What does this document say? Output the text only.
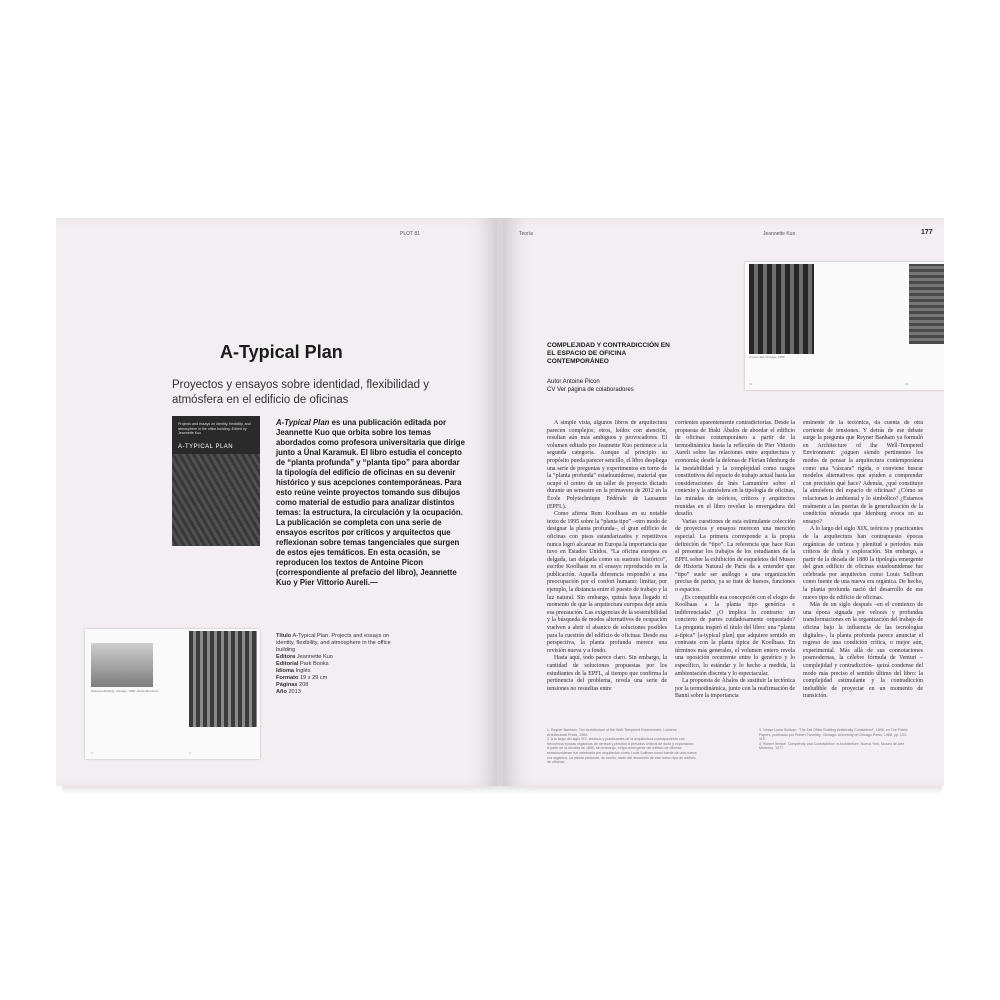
PLOT 81
A-Typical Plan
Proyectos y ensayos sobre identidad, flexibilidad y atmósfera en el edificio de oficinas
Projects and essays on identity, flexibility, and atmosphere in the office building. Edited by Jeannette Kuo
A-TYPICAL PLAN
A-Typical Plan es una publicación editada por Jeannette Kuo que orbita sobre los temas abordados como profesora universitaria que dirige junto a Ünal Karamuk. El libro estudia el concepto de “planta profunda” y “planta tipo” para abordar la tipología del edificio de oficinas en su devenir histórico y sus acepciones contemporáneas. Para esto reúne veinte proyectos tomando sus dibujos como material de estudio para analizar distintos temas: la estructura, la circulación y la ocupación. La publicación se completa con una serie de ensayos escritos por críticos y arquitectos que reflexionan sobre temas tangenciales que surgen de estos ejes temáticos. En esta ocasión, se reproducen los textos de Antoine Picon (correspondiente al prefacio del libro), Jeannette Kuo y Pier Vittorio Aureli.—
Reliance Building, Chicago, 1895. Daniel Burnham
2	3
Título A-Typical Plan. Projects and essays on identity, flexibility, and atmosphere in the office building
Editora Jeannette Kuo
Editorial Park Books
Idioma Inglés
Formato 19 x 29 cm
Páginas 208
Año 2013
Teoría	Jeannette Kuo	177
Crown Hall, Chicago, 1956
12	13
COMPLEJIDAD Y CONTRADICCIÓN EN EL ESPACIO DE OFICINA CONTEMPORÁNEO
Autor Antoine Picon
CV Ver página de colaboradores

A simple vista, algunos libros de arquitectura parecen complejos; otros, leídos con atención, resultan aún más ambiguos y provocadores. El volumen editado por Jeannette Kuo pertenece a la segunda categoría. Aunque al principio su propósito pueda parecer sencillo, el libro despliega una serie de preguntas y experimentos en torno de la “planta profunda” estadounidense, material que ocupó el centro de un taller de proyecto dictado durante un semestre en la primavera de 2012 en la École Polytechnique Fédérale de Lausanne (EPFL).

Como afirma Rem Koolhaas en su notable texto de 1995 sobre la “planta tipo” –otro modo de designar la planta profunda–, el gran edificio de oficinas con pisos estandarizados y repetitivos nunca logró alcanzar en Europa la importancia que tuvo en Estados Unidos. “La oficina europea es delgada, tan delgada como su sustrato histórico”, escribe Koolhaas en el ensayo reproducido en la publicación. Aquella diferencia respondió a una preocupación por el confort humano: limitar, por ejemplo, la distancia entre el puesto de trabajo y la luz natural. Sin embargo, quizás haya llegado el momento de que la arquitectura europea deje atrás esa precaución. Las exigencias de la sostenibilidad y la búsqueda de modos alternativos de ocupación vuelven a abrir el abanico de soluciones posibles para la cuestión del edificio de oficinas. Desde esa perspectiva, la planta profunda merece una revisión nueva y a fondo.

Hasta aquí, todo parece claro. Sin embargo, la cantidad de soluciones propuestas por los estudiantes de la EPFL, al tiempo que confirma la pertinencia del problema, revela una serie de tensiones no resueltas entre

corrientes aparentemente contradictorias. Desde la propuesta de Iñaki Ábalos de abordar el edificio de oficinas contemporáneo a partir de la termodinámica hasta la reflexión de Pier Vittorio Aureli sobre las relaciones entre arquitectura y economía; desde la defensa de Florian Idenburg de la inestabilidad y la complejidad como rasgos constitutivos del espacio de trabajo actual hasta las consideraciones de Inès Lamunière sobre el contexto y la atmósfera en la tipología de oficinas, las miradas de teóricos, críticos y arquitectos reunidas en el libro revelan la envergadura del desafío.

Varias cuestiones de esta estimulante colección de proyectos y ensayos merecen una mención especial. La primera corresponde a la propia definición de “tipo”. La referencia que hace Kuo al presentar los trabajos de los estudiantes de la EPFL sobre la exhibición de esqueletos del Museo de Historia Natural de París da a entender que “tipo” suele ser análogo a una organización precisa de partes, ya se trate de huesos, funciones o espacios.

¿Es compatible esa concepción con el elogio de Koolhaas a la planta tipo genérica e indiferenciada? ¿O implica lo contrario: un concierto de partes cuidadosamente orquestado? La pregunta inspiró el título del libro: una “planta a-típica” [a-typical plan] que adquiere sentido en contraste con la planta típica de Koolhaas. En términos más generales, el volumen entero revela una oposición recurrente entre lo genérico y lo específico, lo estándar y lo hecho a medida, la ambientación discreta y lo espectacular.

La propuesta de Ábalos de sustituir la tectónica por la termodinámica, junto con la reafirmación de Banni sobre la importancia

eminente de la tectónica, da cuenta de otra corriente de tensiones. Y detrás de ese debate surge la pregunta que Reyner Banham ya formuló en Architecture of the Well-Tempered Environment: ¿siguen siendo pertinentes los modos de pensar la arquitectura contemporánea como una “cáscara” rígida, o conviene buscar modelos alternativos que ayuden a comprender con precisión qué hace? Además, ¿qué constituye la atmósfera del espacio de oficinas? ¿Cómo se relacionan lo ambiental y lo simbólico? ¿Estamos realmente a las puertas de la generalización de la condición nómada que Idenburg evoca en su ensayo?

A lo largo del siglo XIX, teóricos y practicantes de la arquitectura han contrapuesto épocas orgánicas de certeza y plenitud a períodos más críticos de duda y exploración. Sin embargo, a partir de la década de 1880 la tipología emergente del gran edificio de oficinas estadounidense fue celebrada por arquitectos como Louis Sullivan como fuente de una nueva era orgánica. De hecho, la planta profunda nació del desarrollo de ese nuevo tipo de edificio de oficinas.

Más de un siglo después –en el comienzo de una época signada por veloces y profundas transformaciones en la organización del trabajo de oficina bajo la influencia de las tecnologías digitales–, la planta profunda parece anunciar el regreso de una condición crítica, o mejor aún, experimental. Más allá de sus connotaciones posmodernas, la célebre fórmula de Venturi –complejidad y contradicción– quizá condense del modo más preciso el sentido último del libro: la complejidad estimulante y la contradicción ineludible de proyectar en un momento de transición.

1. Reyner Banham, The Architecture of the Well-Tempered Environment, Londres: Architectural Press, 1969.

2. A lo largo del siglo XIX, teóricos y practicantes de la arquitectura contrapusieron con frecuencia épocas orgánicas de certeza y plenitud a períodos críticos de duda y exploración. A partir de la década de 1880, sin embargo, el tipo emergente del edificio de oficinas estadounidense fue celebrado por arquitectos como Louis Sullivan como fuente de una nueva era orgánica. La planta profunda, de hecho, nació del desarrollo de ese nuevo tipo de edificio de oficinas.

3. Véase Louis Sullivan, “The Tall Office Building Artistically Considered”, 1896, en The Public Papers, publicado por Robert Twombly, Chicago: University of Chicago Press, 1988, pp. 103-113.

4. Robert Venturi, Complexity and Contradiction in Architecture, Nueva York: Museo de Arte Moderno, 1977.
